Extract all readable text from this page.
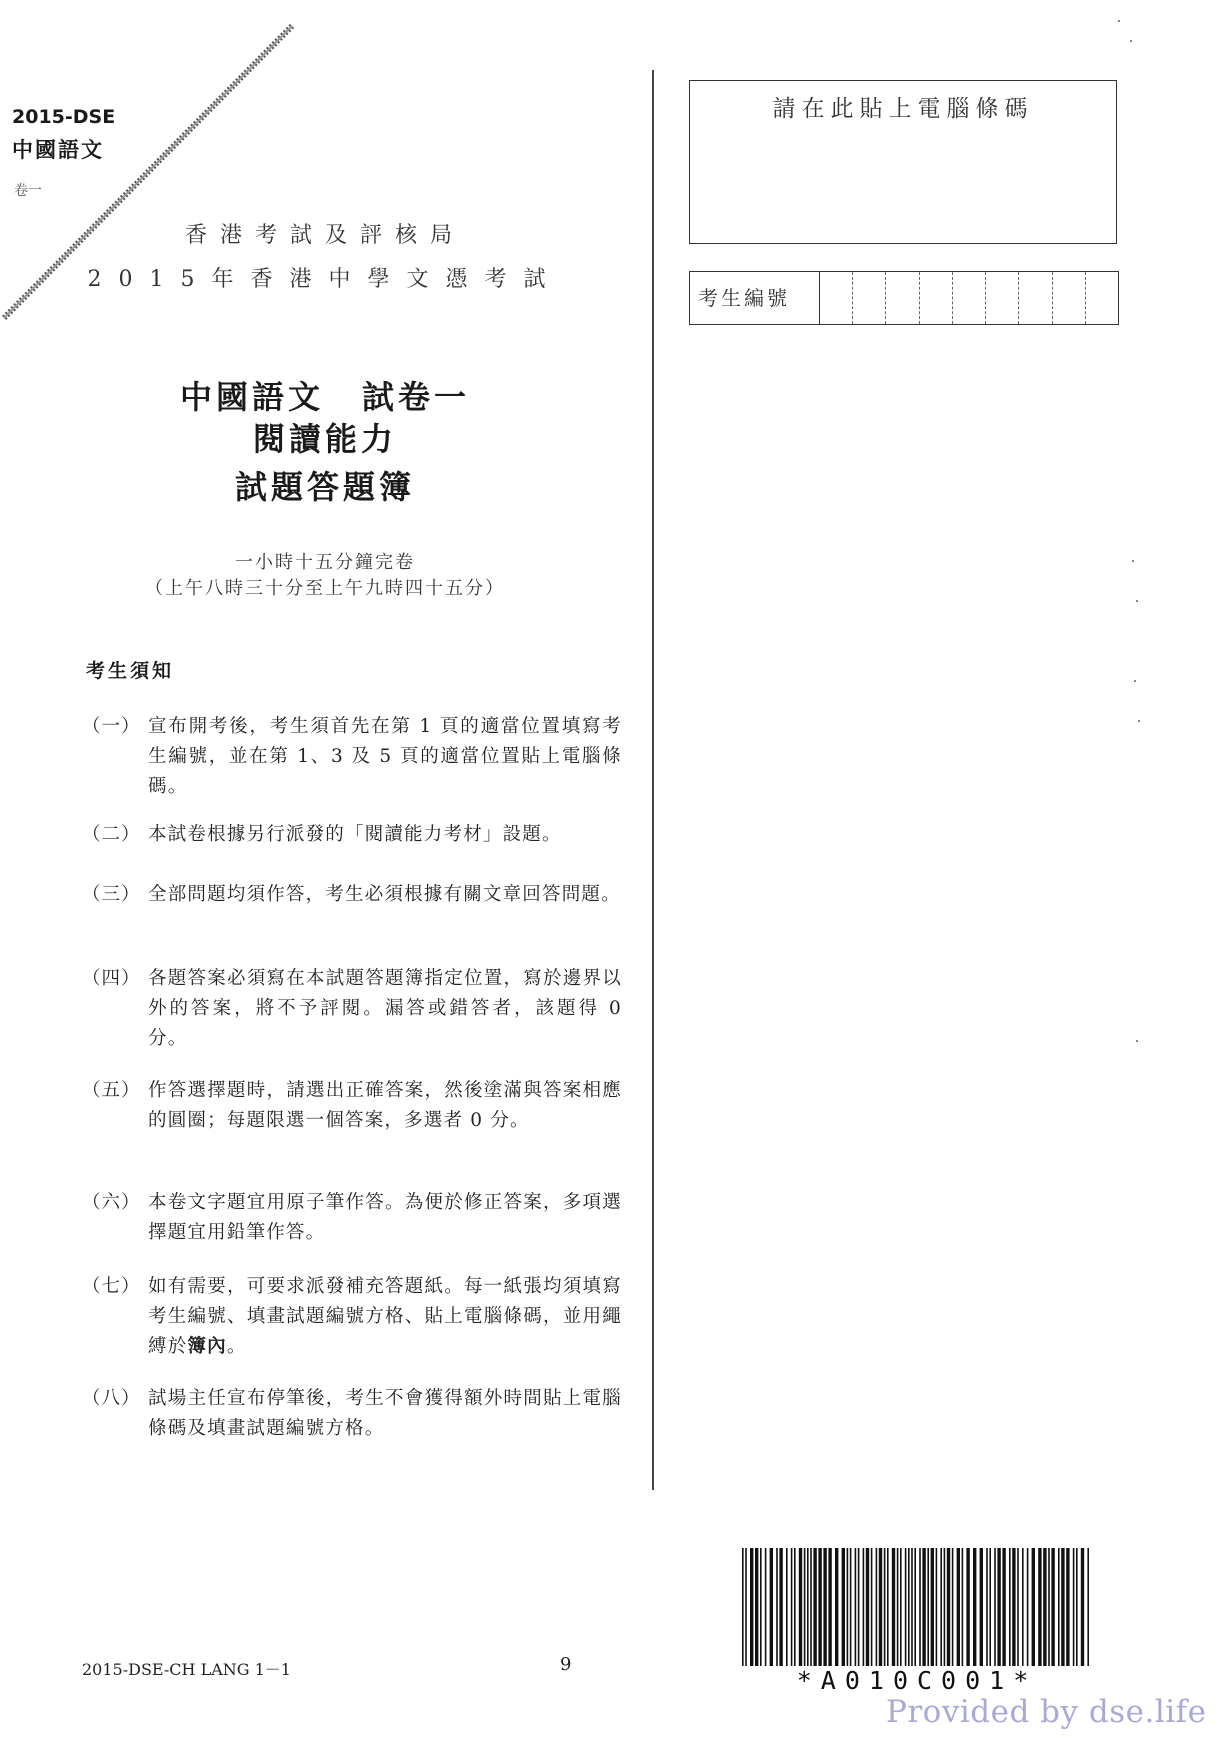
2015-DSE
中國語文
卷一
香港考試及評核局
2015年香港中學文憑考試
中國語文 試卷一
閱讀能力
試題答題簿
一小時十五分鐘完卷
（上午八時三十分至上午九時四十五分）
考生須知
（一） 宣布開考後，考生須首先在第 1 頁的適當位置填寫考生編號，並在第 1、3 及 5 頁的適當位置貼上電腦條碼。
（二） 本試卷根據另行派發的「閱讀能力考材」設題。
（三） 全部問題均須作答，考生必須根據有關文章回答問題。
（四） 各題答案必須寫在本試題答題簿指定位置，寫於邊界以外的答案，將不予評閱。漏答或錯答者，該題得 0 分。
（五） 作答選擇題時，請選出正確答案，然後塗滿與答案相應的圓圈；每題限選一個答案，多選者 0 分。
（六） 本卷文字題宜用原子筆作答。為便於修正答案，多項選擇題宜用鉛筆作答。
（七） 如有需要，可要求派發補充答題紙。每一紙張均須填寫考生編號、填畫試題編號方格、貼上電腦條碼，並用繩縛於簿內。
（八） 試場主任宣布停筆後，考生不會獲得額外時間貼上電腦條碼及填畫試題編號方格。
請在此貼上電腦條碼
考生編號
*A010C001*
2015-DSE-CH LANG 1－1	9
Provided by dse.life
